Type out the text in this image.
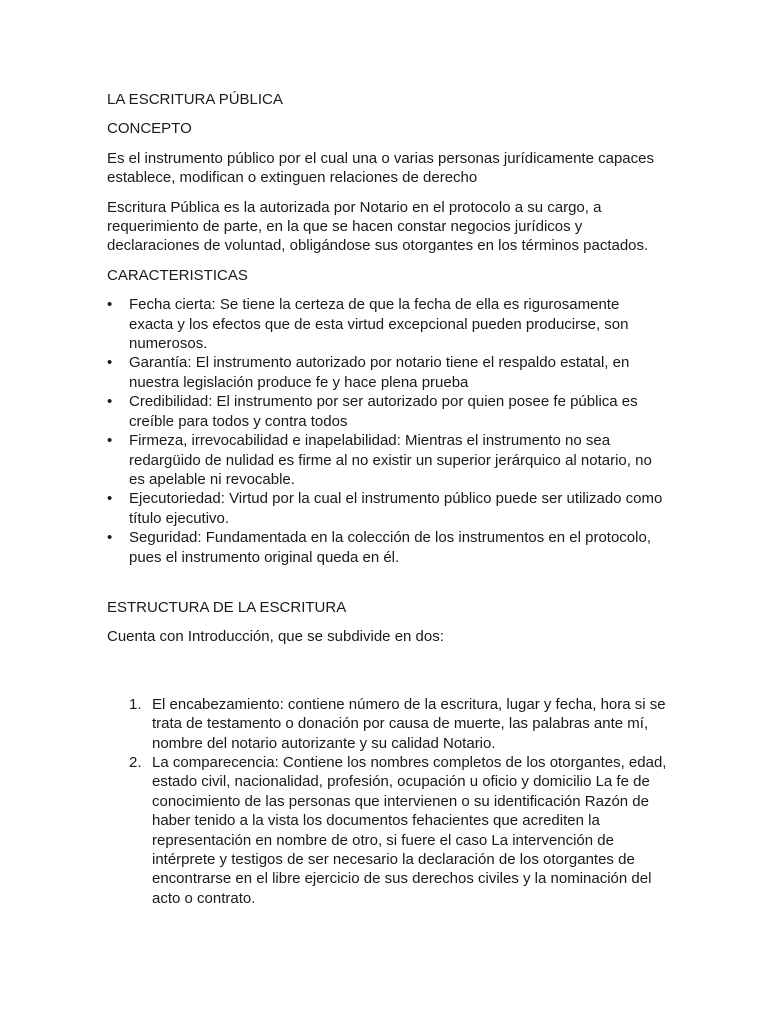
LA ESCRITURA PÚBLICA

CONCEPTO

Es el instrumento público por el cual una o varias personas jurídicamente capaces establece, modifican o extinguen relaciones de derecho

Escritura Pública es la autorizada por Notario en el protocolo a su cargo, a requerimiento de parte, en la que se hacen constar negocios jurídicos y declaraciones de voluntad, obligándose sus otorgantes en los términos pactados.

CARACTERISTICAS

• Fecha cierta: Se tiene la certeza de que la fecha de ella es rigurosamente exacta y los efectos que de esta virtud excepcional pueden producirse, son numerosos.
• Garantía: El instrumento autorizado por notario tiene el respaldo estatal, en nuestra legislación produce fe y hace plena prueba
• Credibilidad: El instrumento por ser autorizado por quien posee fe pública es creíble para todos y contra todos
• Firmeza, irrevocabilidad e inapelabilidad: Mientras el instrumento no sea redargüido de nulidad es firme al no existir un superior jerárquico al notario, no es apelable ni revocable.
• Ejecutoriedad: Virtud por la cual el instrumento público puede ser utilizado como título ejecutivo.
• Seguridad: Fundamentada en la colección de los instrumentos en el protocolo, pues el instrumento original queda en él.

ESTRUCTURA DE LA ESCRITURA

Cuenta con Introducción, que se subdivide en dos:

1. El encabezamiento: contiene número de la escritura, lugar y fecha, hora si se trata de testamento o donación por causa de muerte, las palabras ante mí, nombre del notario autorizante y su calidad Notario.
2. La comparecencia: Contiene los nombres completos de los otorgantes, edad, estado civil, nacionalidad, profesión, ocupación u oficio y domicilio La fe de conocimiento de las personas que intervienen o su identificación Razón de haber tenido a la vista los documentos fehacientes que acrediten la representación en nombre de otro, si fuere el caso La intervención de intérprete y testigos de ser necesario la declaración de los otorgantes de encontrarse en el libre ejercicio de sus derechos civiles y la nominación del acto o contrato.
